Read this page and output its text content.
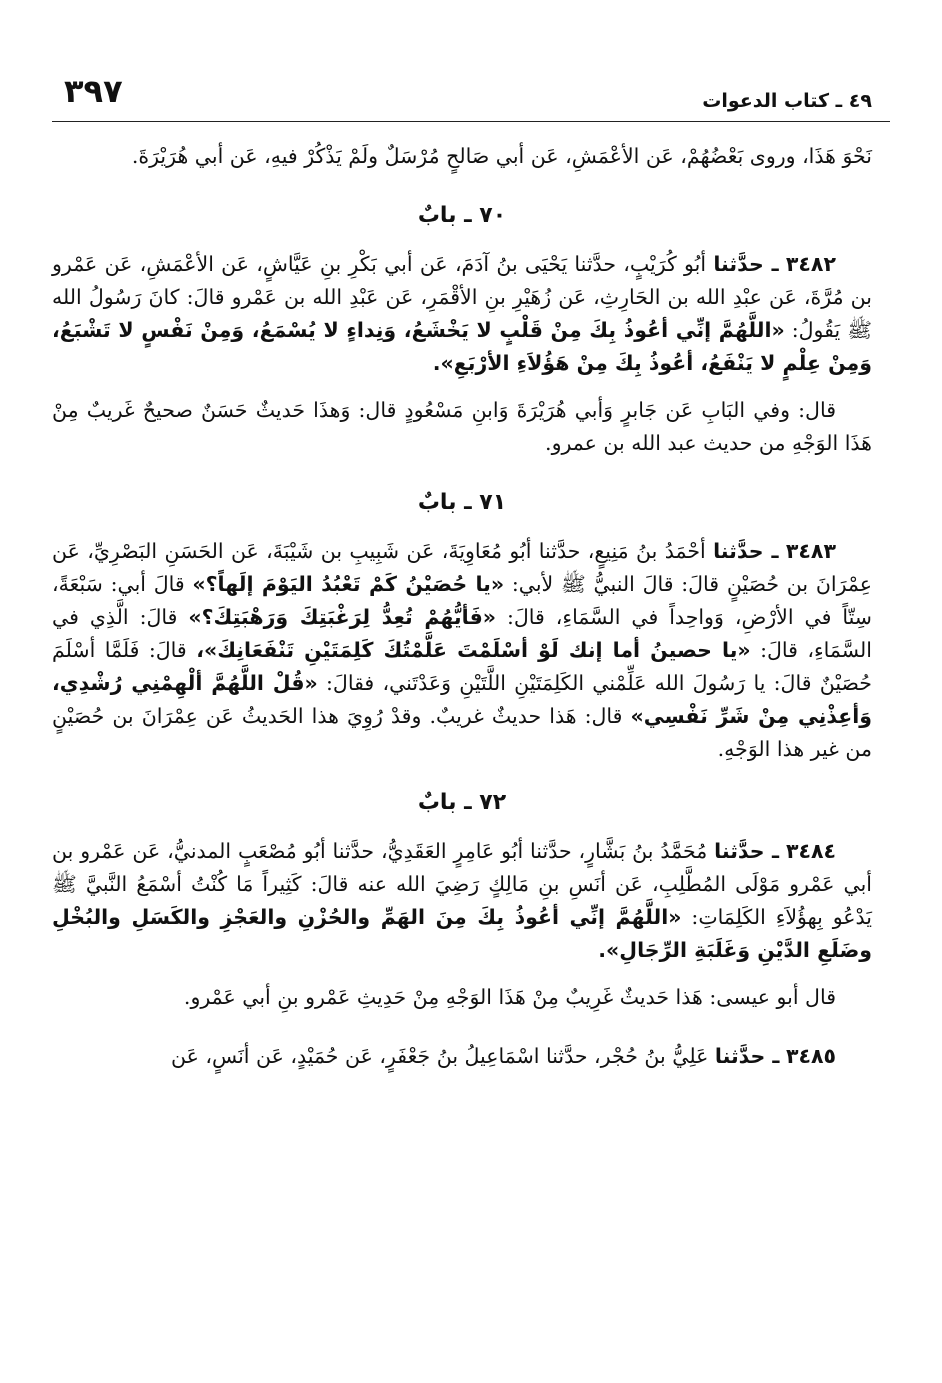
٣٩٧	٤٩ ـ كتاب الدعوات

نَحْوَ هَذَا، وروى بَعْضُهُمْ، عَن الأعْمَشِ، عَن أبي صَالحٍ مُرْسَلٌ ولَمْ يَذْكُرْ فيهِ، عَن أبي هُرَيْرَةَ.

٧٠ ـ بابٌ

٣٤٨٢ ـ حدَّثنا أبُو كُرَيْبٍ، حدَّثنا يَحْيَى بنُ آدَمَ، عَن أبي بَكْرِ بنِ عَيَّاشٍ، عَن الأعْمَشِ، عَن عَمْرو بن مُرَّةَ، عَن عبْدِ الله بن الحَارِثِ، عَن زُهَيْرِ بنِ الأقْمَرِ، عَن عَبْدِ الله بن عَمْرو قالَ: كانَ رَسُولُ الله ﷺ يَقُولُ: «اللَّهُمَّ إنِّي أعُوذُ بِكَ مِنْ قَلْبٍ لا يَخْشَعُ، وَنِداءٍ لا يُسْمَعُ، وَمِنْ نَفْسٍ لا تَشْبَعُ، وَمِنْ عِلْمٍ لا يَنْفَعُ، أعُوذُ بِكَ مِنْ هَؤُلاَءِ الأرْبَعِ».

قال: وفي البَابِ عَن جَابرٍ وَأبي هُرَيْرَةَ وَابنِ مَسْعُودٍ قال: وَهذَا حَديثٌ حَسَنٌ صحيحٌ غَريبٌ مِنْ هَذَا الوَجْهِ من حديث عبد الله بن عمرو.

٧١ ـ بابٌ

٣٤٨٣ ـ حدَّثنا أحْمَدُ بنُ مَنِيعٍ، حدَّثنا أبُو مُعَاوِيَةَ، عَن شَبِيبِ بن شَيْبَةَ، عَن الحَسَنِ البَصْرِيِّ، عَن عِمْرَانَ بن حُصَيْنٍ قالَ: قالَ النبيُّ ﷺ لأبي: «يا حُصَيْنُ كَمْ تَعْبُدُ اليَوْمَ إلَهاً؟» قالَ أبي: سَبْعَةً، سِتّاً في الأرْضِ، وَواحِداً في السَّمَاءِ، قالَ: «فَأيُّهُمْ تُعِدُّ لِرَغْبَتِكَ وَرَهْبَتِكَ؟» قالَ: الَّذِي في السَّمَاءِ، قالَ: «يا حصينُ أما إنك لَوْ أسْلَمْتَ عَلَّمْتُكَ كَلِمَتَيْنِ تَنْفَعَانِكَ»، قالَ: فَلَمَّا أسْلَمَ حُصَيْنٌ قالَ: يا رَسُولَ الله عَلِّمْني الكَلِمَتَيْنِ اللَّتَيْنِ وَعَدْتَني، فقالَ: «قُلْ اللَّهُمَّ ألْهِمْنِي رُشْدِي، وَأعِذْنِي مِنْ شَرِّ نَفْسِي» قال: هَذا حديثٌ غريبٌ. وقدْ رُوِيَ هذا الحَديثُ عَن عِمْرَانَ بن حُصَيْنٍ من غير هذا الوَجْهِ.

٧٢ ـ بابٌ

٣٤٨٤ ـ حدَّثنا مُحَمَّدُ بنُ بَشَّارٍ، حدَّثنا أبُو عَامِرٍ العَقَدِيُّ، حدَّثنا أبُو مُصْعَبٍ المدنيُّ، عَن عَمْرو بن أبي عَمْرو مَوْلَى المُطَّلِبِ، عَن أنَسِ بنِ مَالِكٍ رَضِيَ الله عنه قالَ: كَثِيراً مَا كُنْتُ أسْمَعُ النَّبيَّ ﷺ يَدْعُو بِهؤُلاَءِ الكَلِمَاتِ: «اللَّهُمَّ إنِّي أعُوذُ بِكَ مِنَ الهَمِّ والحُزْنِ والعَجْزِ والكَسَلِ والبُخْلِ وضَلَعِ الدَّيْنِ وَغَلَبَةِ الرِّجَالِ».

قال أبو عيسى: هَذا حَديثٌ غَرِيبٌ مِنْ هَذَا الوَجْهِ مِنْ حَدِيثِ عَمْرو بنِ أبي عَمْرو.

٣٤٨٥ ـ حدَّثنا عَلِيُّ بنُ حُجْر، حدَّثنا اسْمَاعِيلُ بنُ جَعْفَرٍ، عَن حُمَيْدٍ، عَن أنَسٍ، عَن
